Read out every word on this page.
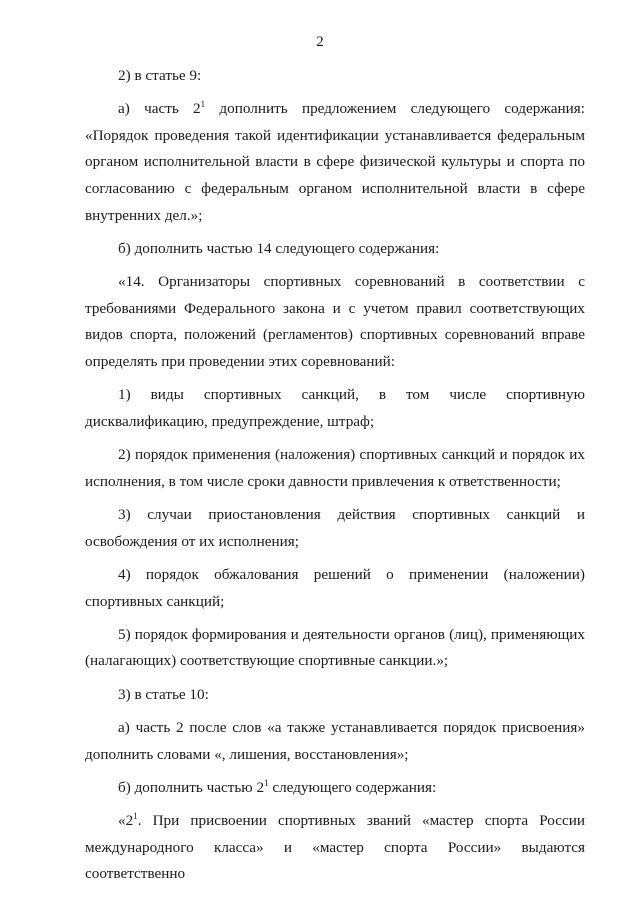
2

2) в статье 9:

а) часть $2^1$ дополнить предложением следующего содержания: «Порядок проведения такой идентификации устанавливается федеральным органом исполнительной власти в сфере физической культуры и спорта по согласованию с федеральным органом исполнительной власти в сфере внутренних дел.»;

б) дополнить частью 14 следующего содержания:

«14. Организаторы спортивных соревнований в соответствии с требованиями Федерального закона и с учетом правил соответствующих видов спорта, положений (регламентов) спортивных соревнований вправе определять при проведении этих соревнований:

1) виды спортивных санкций, в том числе спортивную дисквалификацию, предупреждение, штраф;

2) порядок применения (наложения) спортивных санкций и порядок их исполнения, в том числе сроки давности привлечения к ответственности;

3) случаи приостановления действия спортивных санкций и освобождения от их исполнения;

4) порядок обжалования решений о применении (наложении) спортивных санкций;

5) порядок формирования и деятельности органов (лиц), применяющих (налагающих) соответствующие спортивные санкции.»;

3) в статье 10:

а) часть 2 после слов «а также устанавливается порядок присвоения» дополнить словами «, лишения, восстановления»;

б) дополнить частью $2^1$ следующего содержания:

«$2^1$. При присвоении спортивных званий «мастер спорта России международного класса» и «мастер спорта России» выдаются соответственно
